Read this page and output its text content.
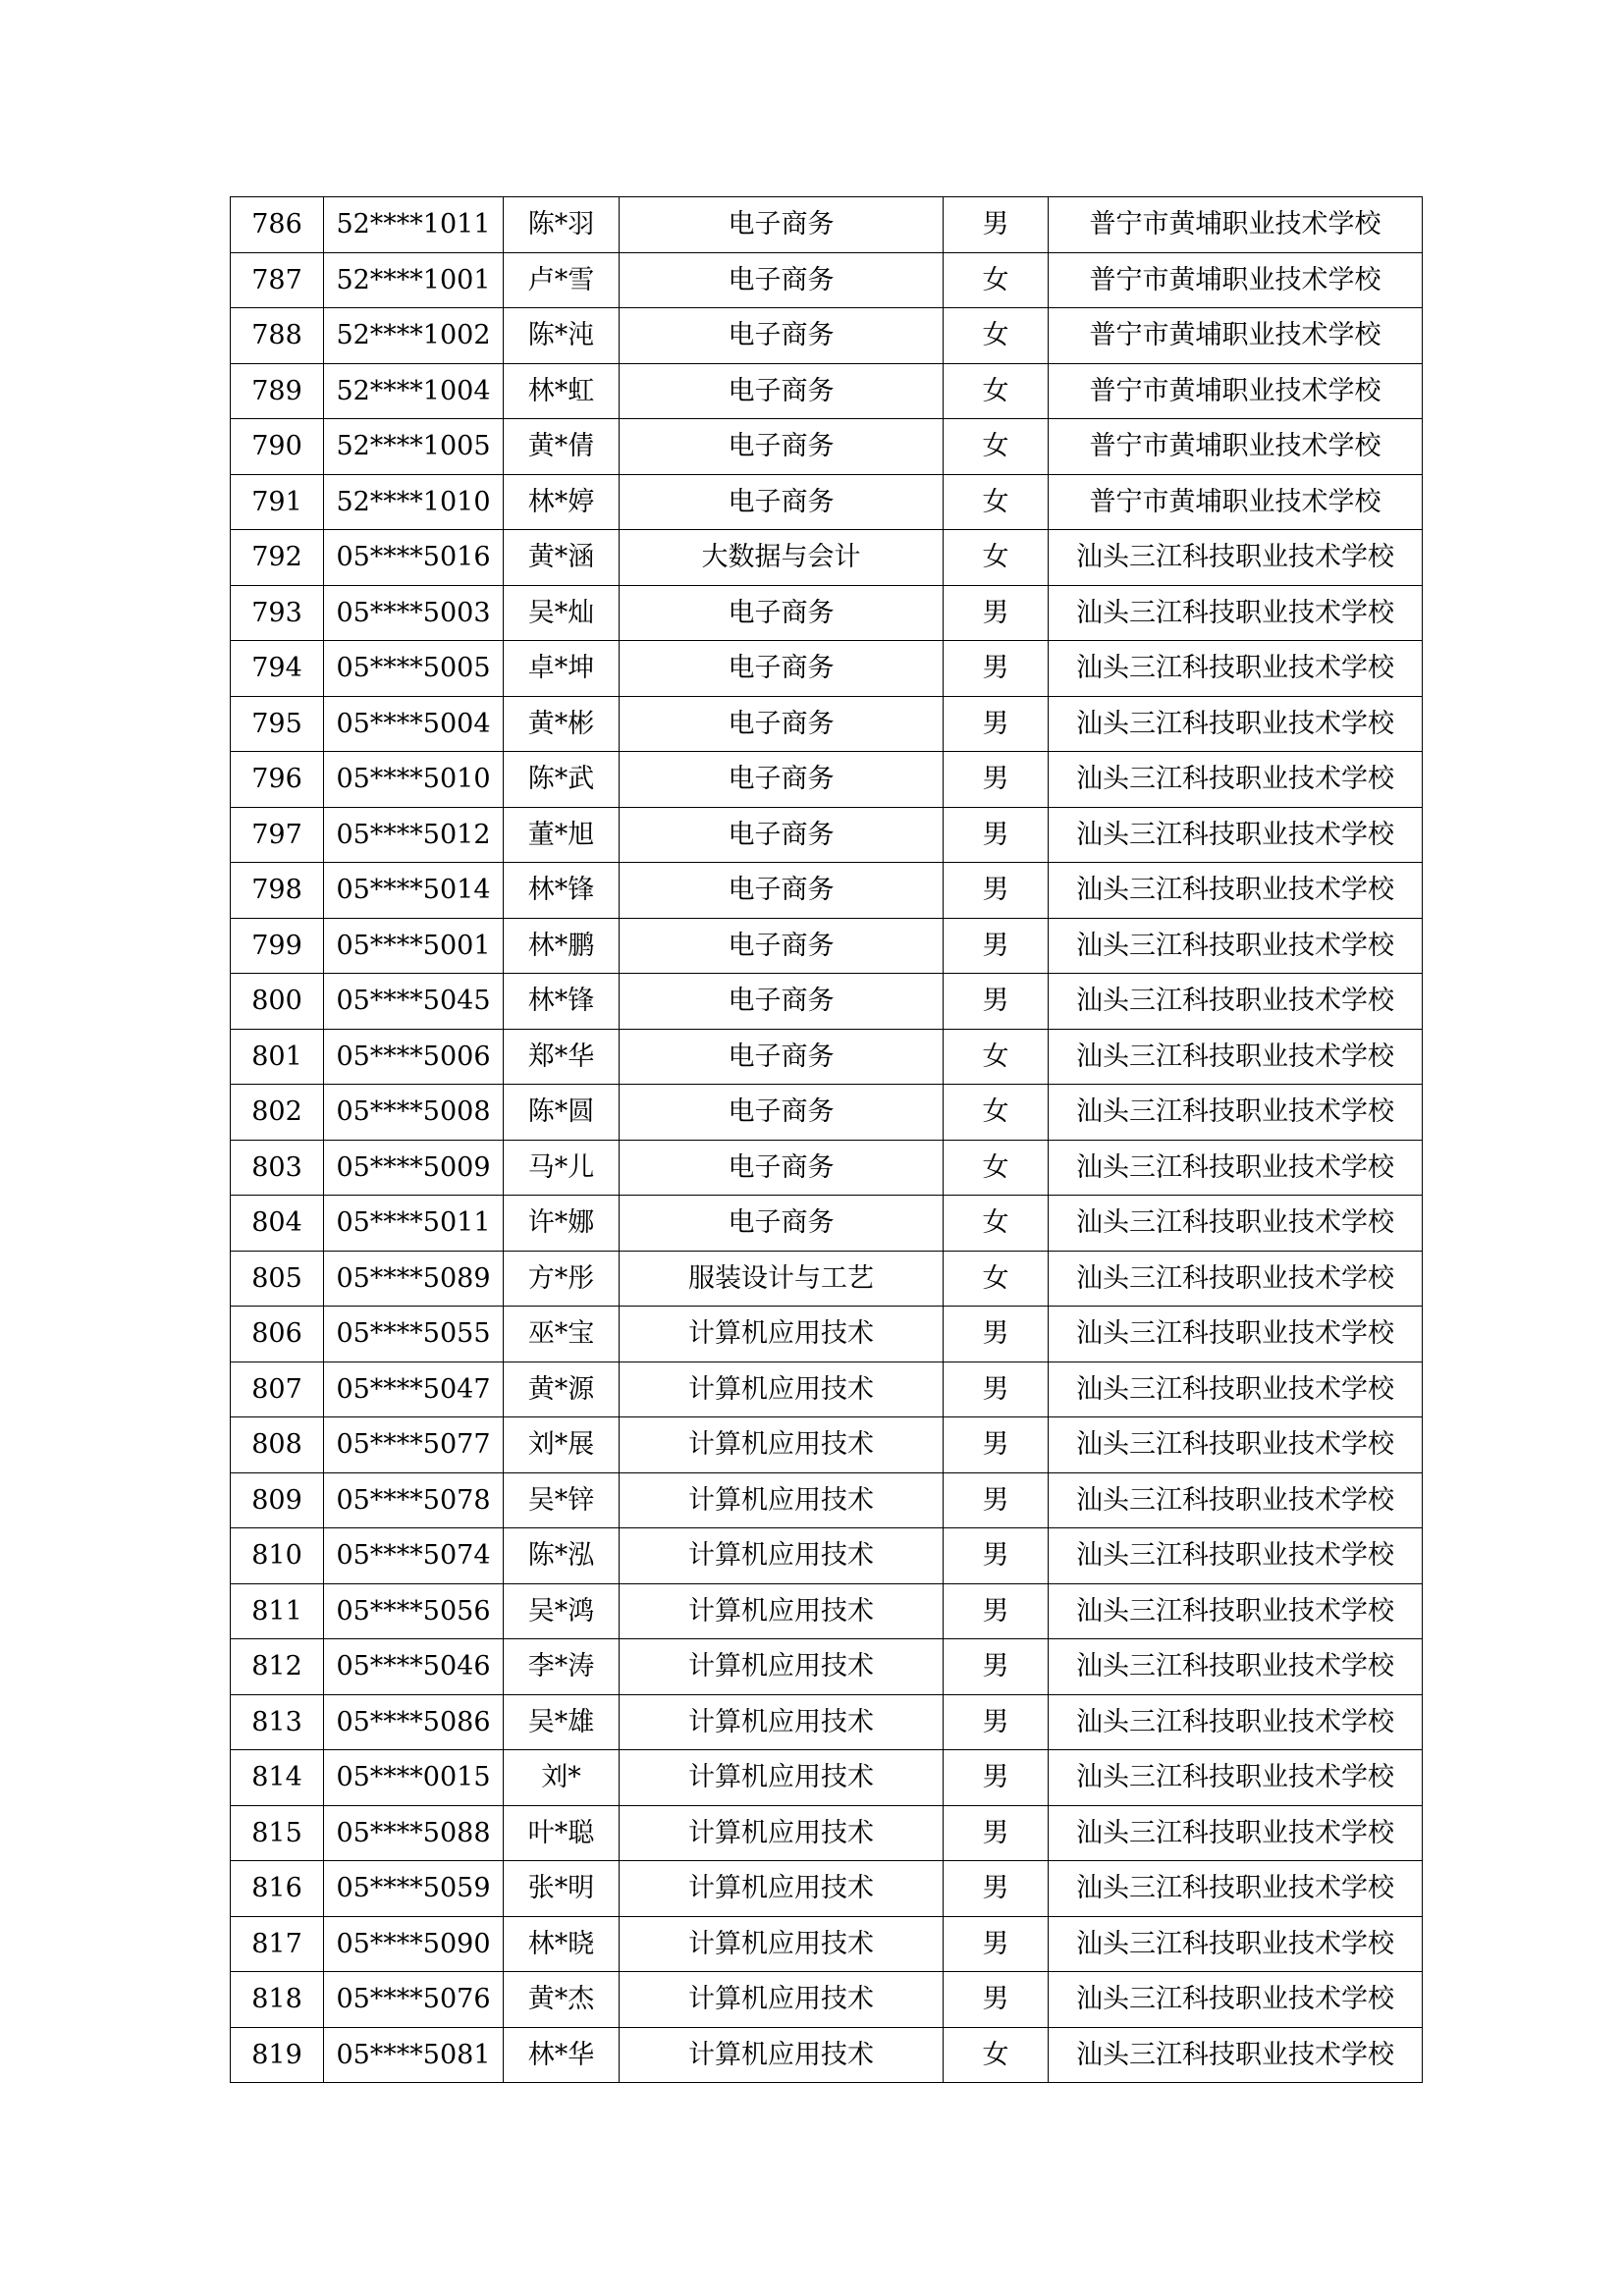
786	52****1011	陈*羽	电子商务	男	普宁市黄埔职业技术学校
787	52****1001	卢*雪	电子商务	女	普宁市黄埔职业技术学校
788	52****1002	陈*沌	电子商务	女	普宁市黄埔职业技术学校
789	52****1004	林*虹	电子商务	女	普宁市黄埔职业技术学校
790	52****1005	黄*倩	电子商务	女	普宁市黄埔职业技术学校
791	52****1010	林*婷	电子商务	女	普宁市黄埔职业技术学校
792	05****5016	黄*涵	大数据与会计	女	汕头三江科技职业技术学校
793	05****5003	吴*灿	电子商务	男	汕头三江科技职业技术学校
794	05****5005	卓*坤	电子商务	男	汕头三江科技职业技术学校
795	05****5004	黄*彬	电子商务	男	汕头三江科技职业技术学校
796	05****5010	陈*武	电子商务	男	汕头三江科技职业技术学校
797	05****5012	董*旭	电子商务	男	汕头三江科技职业技术学校
798	05****5014	林*锋	电子商务	男	汕头三江科技职业技术学校
799	05****5001	林*鹏	电子商务	男	汕头三江科技职业技术学校
800	05****5045	林*锋	电子商务	男	汕头三江科技职业技术学校
801	05****5006	郑*华	电子商务	女	汕头三江科技职业技术学校
802	05****5008	陈*圆	电子商务	女	汕头三江科技职业技术学校
803	05****5009	马*儿	电子商务	女	汕头三江科技职业技术学校
804	05****5011	许*娜	电子商务	女	汕头三江科技职业技术学校
805	05****5089	方*彤	服装设计与工艺	女	汕头三江科技职业技术学校
806	05****5055	巫*宝	计算机应用技术	男	汕头三江科技职业技术学校
807	05****5047	黄*源	计算机应用技术	男	汕头三江科技职业技术学校
808	05****5077	刘*展	计算机应用技术	男	汕头三江科技职业技术学校
809	05****5078	吴*锌	计算机应用技术	男	汕头三江科技职业技术学校
810	05****5074	陈*泓	计算机应用技术	男	汕头三江科技职业技术学校
811	05****5056	吴*鸿	计算机应用技术	男	汕头三江科技职业技术学校
812	05****5046	李*涛	计算机应用技术	男	汕头三江科技职业技术学校
813	05****5086	吴*雄	计算机应用技术	男	汕头三江科技职业技术学校
814	05****0015	刘*	计算机应用技术	男	汕头三江科技职业技术学校
815	05****5088	叶*聪	计算机应用技术	男	汕头三江科技职业技术学校
816	05****5059	张*明	计算机应用技术	男	汕头三江科技职业技术学校
817	05****5090	林*晓	计算机应用技术	男	汕头三江科技职业技术学校
818	05****5076	黄*杰	计算机应用技术	男	汕头三江科技职业技术学校
819	05****5081	林*华	计算机应用技术	女	汕头三江科技职业技术学校
